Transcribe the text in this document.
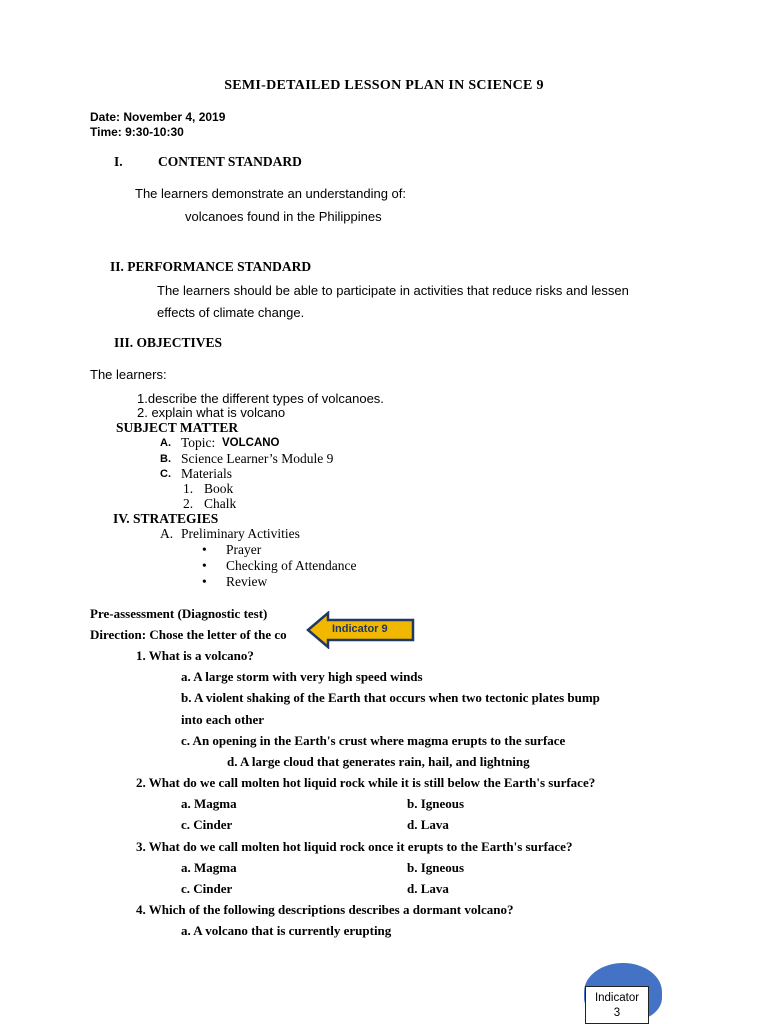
SEMI-DETAILED LESSON PLAN IN SCIENCE 9
Date: November 4, 2019
Time: 9:30-10:30
I.	CONTENT STANDARD
The learners demonstrate an understanding of:
volcanoes found in the Philippines
II. PERFORMANCE STANDARD
The learners should be able to participate in activities that reduce risks and lessen
effects of climate change.
III. OBJECTIVES
The learners:
1.describe the different types of volcanoes.
2. explain what is volcano
SUBJECT MATTER
A. Topic: VOLCANO
B. Science Learner’s Module 9
C. Materials
1. Book
2. Chalk
IV. STRATEGIES
A. Preliminary Activities
• Prayer
• Checking of Attendance
• Review
Pre-assessment (Diagnostic test)
Direction: Chose the letter of the co	Indicator 9
1. What is a volcano?
a. A large storm with very high speed winds
b. A violent shaking of the Earth that occurs when two tectonic plates bump
into each other
c. An opening in the Earth's crust where magma erupts to the surface
d. A large cloud that generates rain, hail, and lightning
2. What do we call molten hot liquid rock while it is still below the Earth's surface?
a. Magma	b. Igneous
c. Cinder	d. Lava
3. What do we call molten hot liquid rock once it erupts to the Earth's surface?
a. Magma	b. Igneous
c. Cinder	d. Lava
4. Which of the following descriptions describes a dormant volcano?
a. A volcano that is currently erupting
Indicator
3
